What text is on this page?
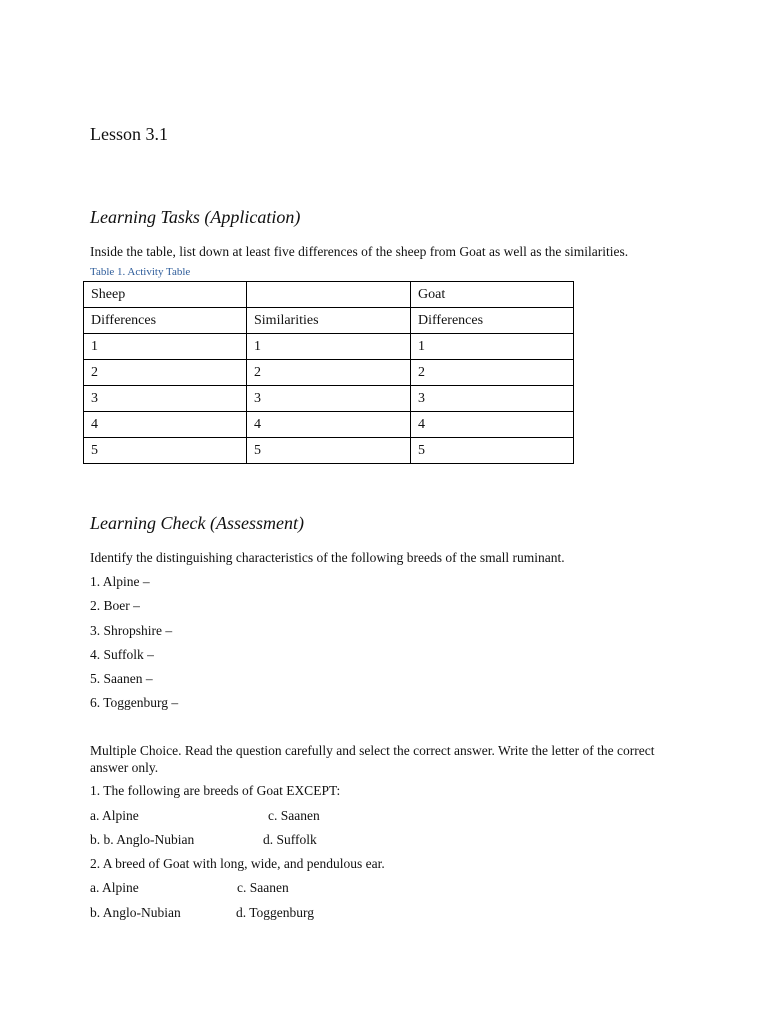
Lesson 3.1
Learning Tasks (Application)
Inside the table, list down at least five differences of the sheep from Goat as well as the similarities.
Table 1. Activity Table
Sheep		Goat
Differences	Similarities	Differences
1	1	1
2	2	2
3	3	3
4	4	4
5	5	5
Learning Check (Assessment)
Identify the distinguishing characteristics of the following breeds of the small ruminant.
1. Alpine –
2. Boer –
3. Shropshire –
4. Suffolk –
5. Saanen –
6. Toggenburg –
Multiple Choice. Read the question carefully and select the correct answer. Write the letter of the correct answer only.
1. The following are breeds of Goat EXCEPT:
a. Alpine	c. Saanen
b. b. Anglo-Nubian	d. Suffolk
2. A breed of Goat with long, wide, and pendulous ear.
a. Alpine	c. Saanen
b. Anglo-Nubian	d. Toggenburg
